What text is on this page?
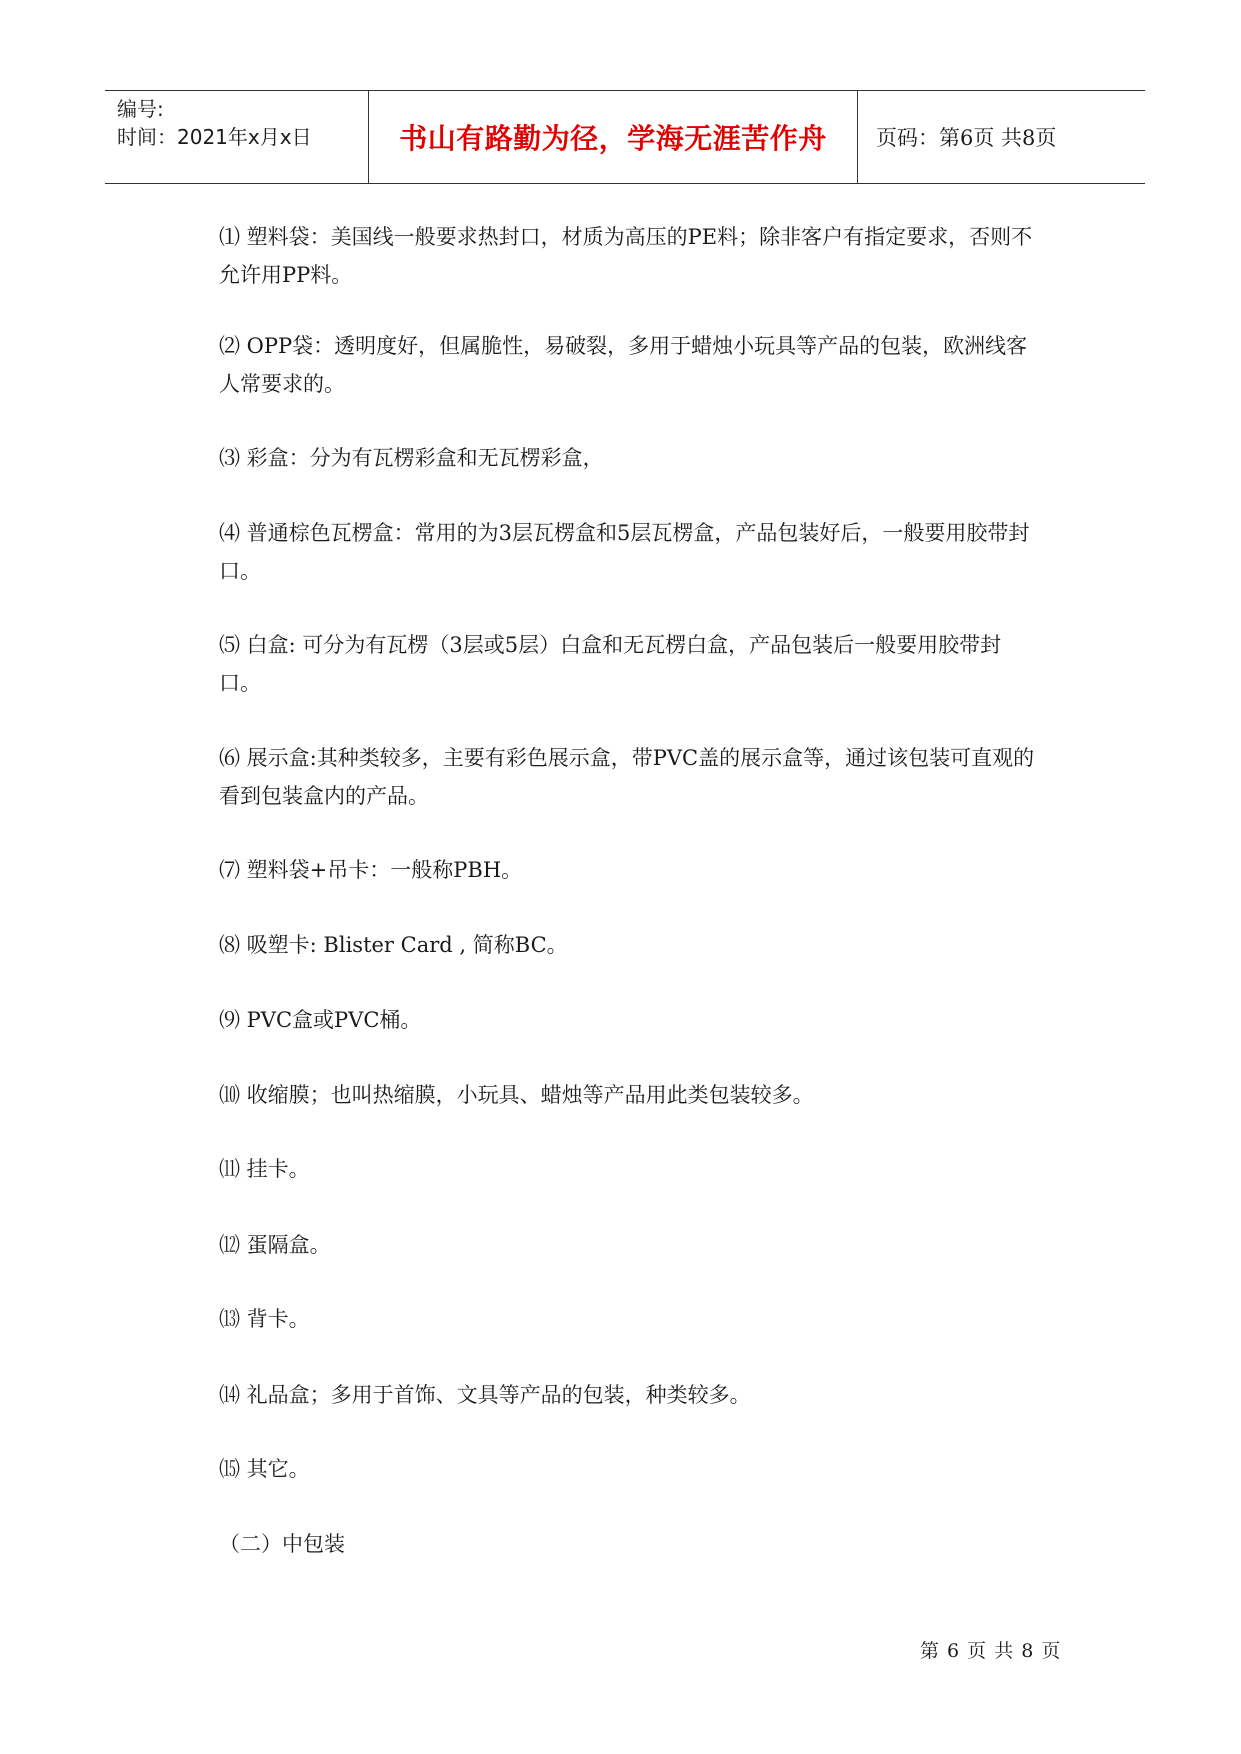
编号:
时间：2021年x月x日	书山有路勤为径，学海无涯苦作舟 页码：第6页 共8页

⑴ 塑料袋：美国线一般要求热封口，材质为高压的PE料；除非客户有指定要求，否则不允许用PP料。

⑵ OPP袋：透明度好，但属脆性，易破裂，多用于蜡烛小玩具等产品的包装，欧洲线客人常要求的。

⑶ 彩盒：分为有瓦楞彩盒和无瓦楞彩盒，

⑷ 普通棕色瓦楞盒：常用的为3层瓦楞盒和5层瓦楞盒，产品包装好后，一般要用胶带封口。

⑸ 白盒: 可分为有瓦楞（3层或5层）白盒和无瓦楞白盒，产品包装后一般要用胶带封口。

⑹ 展示盒:其种类较多，主要有彩色展示盒，带PVC盖的展示盒等，通过该包装可直观的看到包装盒内的产品。

⑺ 塑料袋+吊卡：一般称PBH。

⑻ 吸塑卡: Blister Card , 简称BC。

⑼ PVC盒或PVC桶。

⑽ 收缩膜；也叫热缩膜，小玩具、蜡烛等产品用此类包装较多。

⑾ 挂卡。

⑿ 蛋隔盒。

⒀ 背卡。

⒁ 礼品盒；多用于首饰、文具等产品的包装，种类较多。

⒂ 其它。

（二）中包装

第 6 页 共 8 页
